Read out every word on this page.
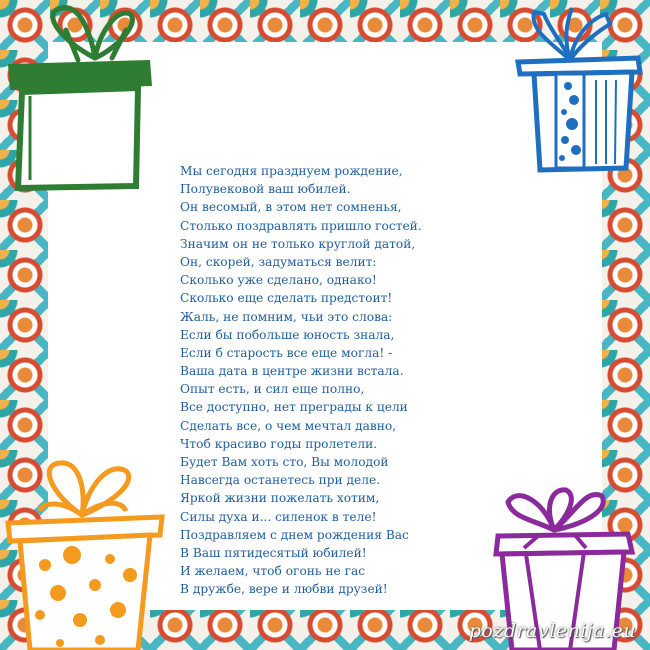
Мы сегодня празднуем рождение,
Полувековой ваш юбилей.
Он весомый, в этом нет сомненья,
Столько поздравлять пришло гостей.
Значим он не только круглой датой,
Он, скорей, задуматься велит:
Сколько уже сделано, однако!
Сколько еще сделать предстоит!
Жаль, не помним, чьи это слова:
Если бы побольше юность знала,
Если б старость все еще могла! -
Ваша дата в центре жизни встала.
Опыт есть, и сил еще полно,
Все доступно, нет преграды к цели
Сделать все, о чем мечтал давно,
Чтоб красиво годы пролетели.
Будет Вам хоть сто, Вы молодой
Навсегда останетесь при деле.
Яркой жизни пожелать хотим,
Силы духа и... силенок в теле!
Поздравляем с днем рождения Вас
В Ваш пятидесятый юбилей!
И желаем, чтоб огонь не гас
В дружбе, вере и любви друзей!
pozdravlenija.eu
